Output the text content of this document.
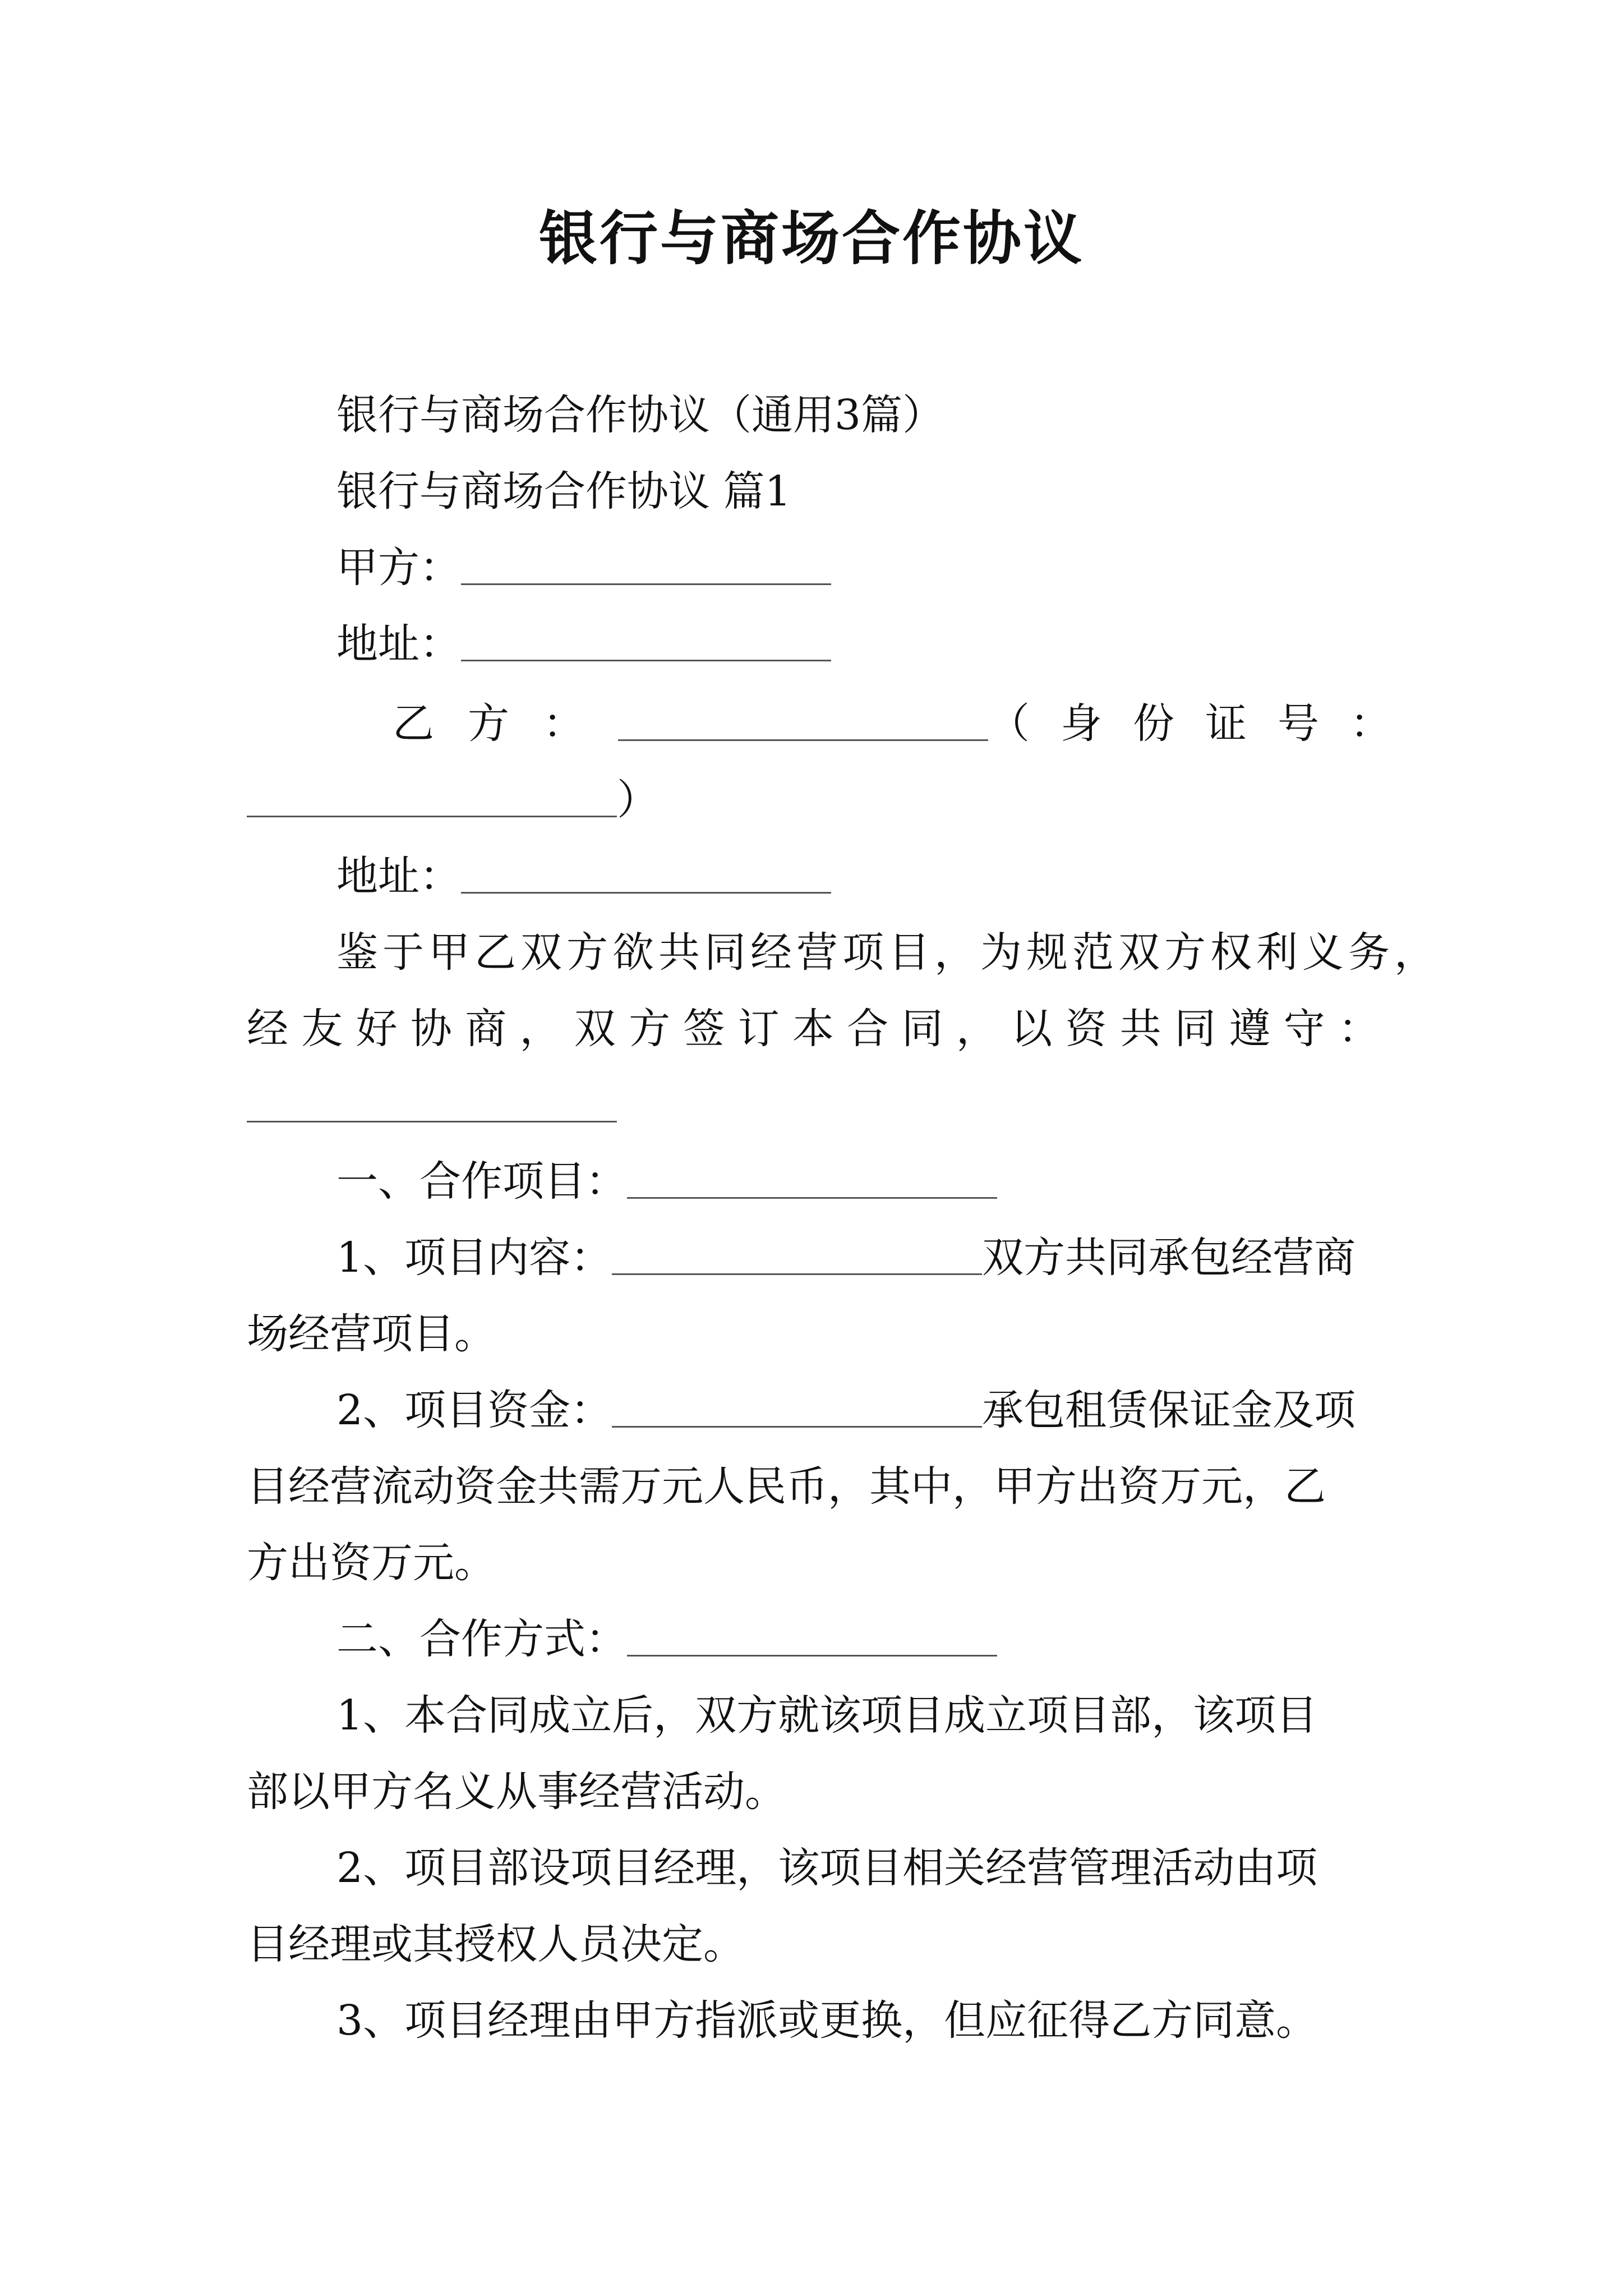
银行与商场合作协议
银行与商场合作协议（通用3篇）
银行与商场合作协议 篇1
甲方：
地址：
乙方：	（身份证号：
）
地址：
鉴于甲乙双方欲共同经营项目，为规范双方权利义务，
经友好协商，双方签订本合同，以资共同遵守：
一、合作项目：
1、项目内容：	双方共同承包经营商
场经营项目。
2、项目资金：	承包租赁保证金及项
目经营流动资金共需万元人民币，其中，甲方出资万元，乙
方出资万元。
二、合作方式：
1、本合同成立后，双方就该项目成立项目部，该项目
部以甲方名义从事经营活动。
2、项目部设项目经理，该项目相关经营管理活动由项
目经理或其授权人员决定。
3、项目经理由甲方指派或更换，但应征得乙方同意。
